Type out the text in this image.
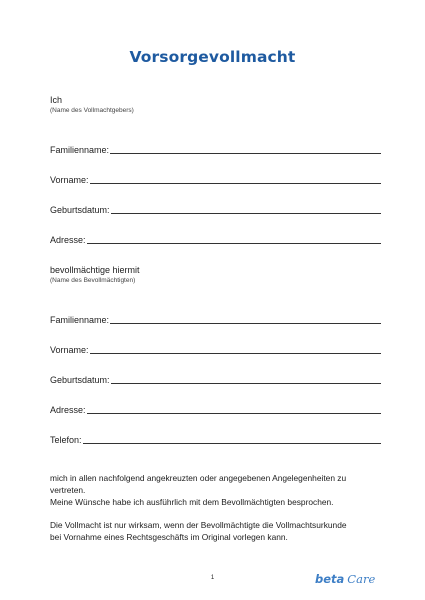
Vorsorgevollmacht
Ich
(Name des Vollmachtgebers)
Familienname:
Vorname:
Geburtsdatum:
Adresse:
bevollmächtige hiermit
(Name des Bevollmächtigten)
Familienname:
Vorname:
Geburtsdatum:
Adresse:
Telefon:
mich in allen nachfolgend angekreuzten oder angegebenen Angelegenheiten zu
vertreten.
Meine Wünsche habe ich ausführlich mit dem Bevollmächtigten besprochen.
Die Vollmacht ist nur wirksam, wenn der Bevollmächtigte die Vollmachtsurkunde
bei Vornahme eines Rechtsgeschäfts im Original vorlegen kann.
1	beta Care
